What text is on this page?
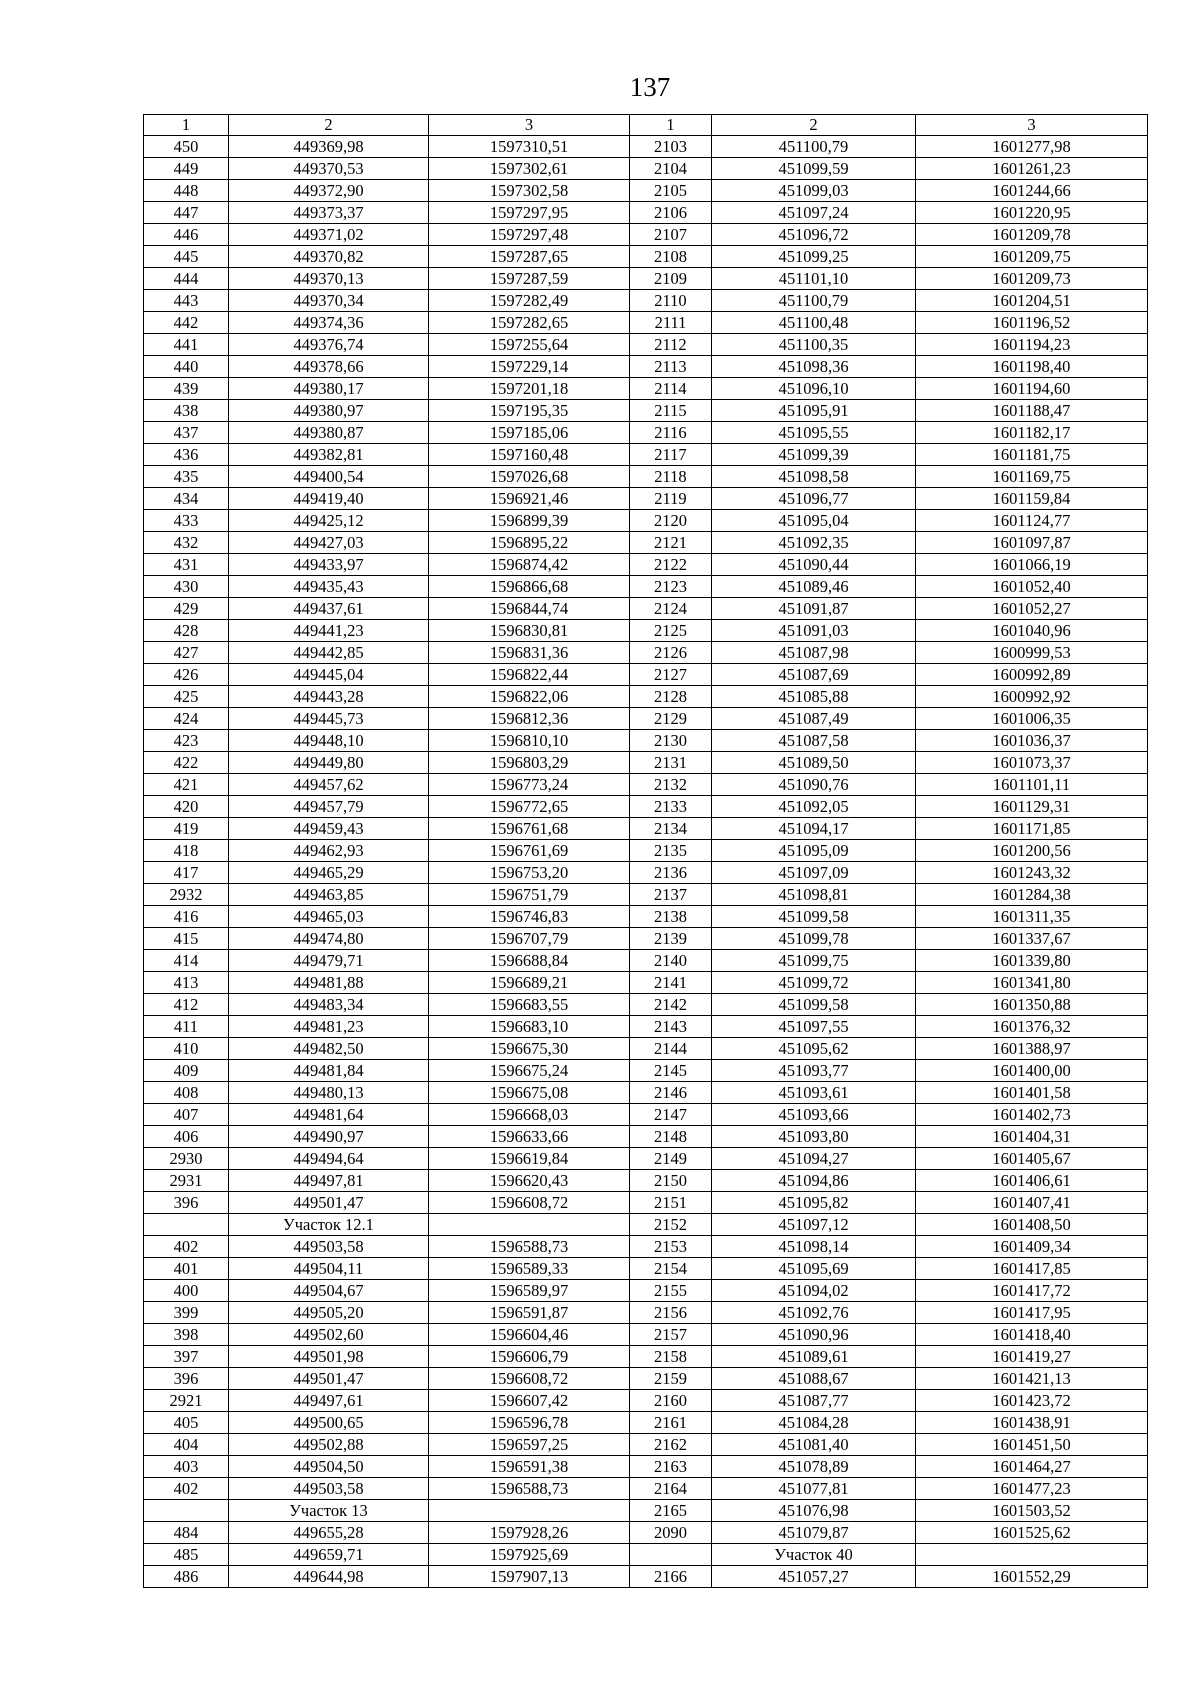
137
1	2	3	1	2	3
450	449369,98	1597310,51	2103	451100,79	1601277,98
449	449370,53	1597302,61	2104	451099,59	1601261,23
448	449372,90	1597302,58	2105	451099,03	1601244,66
447	449373,37	1597297,95	2106	451097,24	1601220,95
446	449371,02	1597297,48	2107	451096,72	1601209,78
445	449370,82	1597287,65	2108	451099,25	1601209,75
444	449370,13	1597287,59	2109	451101,10	1601209,73
443	449370,34	1597282,49	2110	451100,79	1601204,51
442	449374,36	1597282,65	2111	451100,48	1601196,52
441	449376,74	1597255,64	2112	451100,35	1601194,23
440	449378,66	1597229,14	2113	451098,36	1601198,40
439	449380,17	1597201,18	2114	451096,10	1601194,60
438	449380,97	1597195,35	2115	451095,91	1601188,47
437	449380,87	1597185,06	2116	451095,55	1601182,17
436	449382,81	1597160,48	2117	451099,39	1601181,75
435	449400,54	1597026,68	2118	451098,58	1601169,75
434	449419,40	1596921,46	2119	451096,77	1601159,84
433	449425,12	1596899,39	2120	451095,04	1601124,77
432	449427,03	1596895,22	2121	451092,35	1601097,87
431	449433,97	1596874,42	2122	451090,44	1601066,19
430	449435,43	1596866,68	2123	451089,46	1601052,40
429	449437,61	1596844,74	2124	451091,87	1601052,27
428	449441,23	1596830,81	2125	451091,03	1601040,96
427	449442,85	1596831,36	2126	451087,98	1600999,53
426	449445,04	1596822,44	2127	451087,69	1600992,89
425	449443,28	1596822,06	2128	451085,88	1600992,92
424	449445,73	1596812,36	2129	451087,49	1601006,35
423	449448,10	1596810,10	2130	451087,58	1601036,37
422	449449,80	1596803,29	2131	451089,50	1601073,37
421	449457,62	1596773,24	2132	451090,76	1601101,11
420	449457,79	1596772,65	2133	451092,05	1601129,31
419	449459,43	1596761,68	2134	451094,17	1601171,85
418	449462,93	1596761,69	2135	451095,09	1601200,56
417	449465,29	1596753,20	2136	451097,09	1601243,32
2932	449463,85	1596751,79	2137	451098,81	1601284,38
416	449465,03	1596746,83	2138	451099,58	1601311,35
415	449474,80	1596707,79	2139	451099,78	1601337,67
414	449479,71	1596688,84	2140	451099,75	1601339,80
413	449481,88	1596689,21	2141	451099,72	1601341,80
412	449483,34	1596683,55	2142	451099,58	1601350,88
411	449481,23	1596683,10	2143	451097,55	1601376,32
410	449482,50	1596675,30	2144	451095,62	1601388,97
409	449481,84	1596675,24	2145	451093,77	1601400,00
408	449480,13	1596675,08	2146	451093,61	1601401,58
407	449481,64	1596668,03	2147	451093,66	1601402,73
406	449490,97	1596633,66	2148	451093,80	1601404,31
2930	449494,64	1596619,84	2149	451094,27	1601405,67
2931	449497,81	1596620,43	2150	451094,86	1601406,61
396	449501,47	1596608,72	2151	451095,82	1601407,41
	Участок 12.1		2152	451097,12	1601408,50
402	449503,58	1596588,73	2153	451098,14	1601409,34
401	449504,11	1596589,33	2154	451095,69	1601417,85
400	449504,67	1596589,97	2155	451094,02	1601417,72
399	449505,20	1596591,87	2156	451092,76	1601417,95
398	449502,60	1596604,46	2157	451090,96	1601418,40
397	449501,98	1596606,79	2158	451089,61	1601419,27
396	449501,47	1596608,72	2159	451088,67	1601421,13
2921	449497,61	1596607,42	2160	451087,77	1601423,72
405	449500,65	1596596,78	2161	451084,28	1601438,91
404	449502,88	1596597,25	2162	451081,40	1601451,50
403	449504,50	1596591,38	2163	451078,89	1601464,27
402	449503,58	1596588,73	2164	451077,81	1601477,23
	Участок 13		2165	451076,98	1601503,52
484	449655,28	1597928,26	2090	451079,87	1601525,62
485	449659,71	1597925,69		Участок 40	
486	449644,98	1597907,13	2166	451057,27	1601552,29
